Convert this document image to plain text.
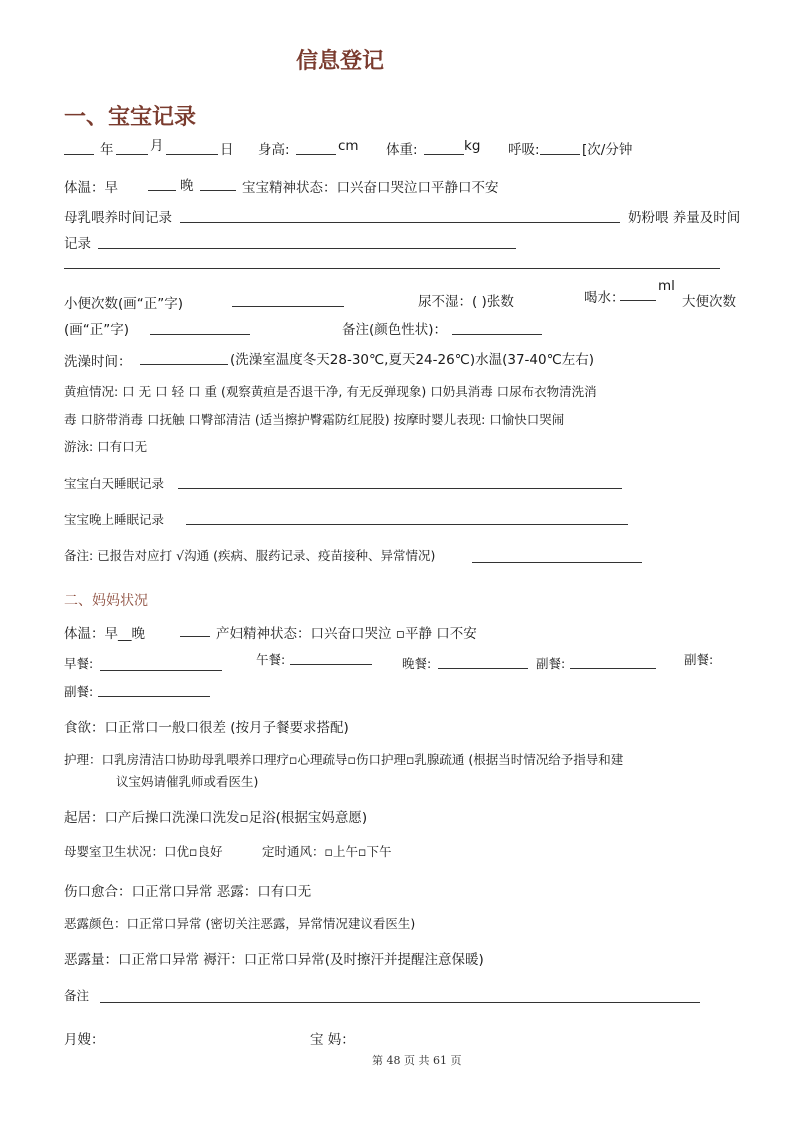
信息登记
一、宝宝记录
年	月	日 身高:	cm 体重:	kg 呼吸:	[次/分钟
体温：早	晚	宝宝精神状态：口兴奋口哭泣口平静口不安
母乳喂养时间记录	奶粉喂 养量及时间
记录
小便次数(画“正”字)	尿不湿：( )张数	喝水：
ml
大便次数
(画“正”字)	备注(颜色性状)：
洗澡时间：	(洗澡室温度冬天28-30℃,夏天24-26℃)水温(37-40℃左右)
黄疸情况: 口 无 口 轻 口 重 (观察黄疸是否退干净, 有无反弹现象) 口奶具消毒 口尿布衣物清洗消
毒 口脐带消毒 口抚触 口臀部清洁 (适当擦护臀霜防红屁股) 按摩时婴儿表现: 口愉快口哭闹
游泳: 口有口无
宝宝白天睡眠记录
宝宝晚上睡眠记录
备注: 已报告对应打 √沟通 (疾病、服药记录、疫苗接种、异常情况)
二、妈妈状况
体温：早__晚	产妇精神状态：口兴奋口哭泣 ▫平静 口不安
早餐:	午餐:	晚餐:	副餐:	副餐:
副餐:
食欲：口正常口一般口很差 (按月子餐要求搭配)
护理：口乳房清洁口协助母乳喂养口理疗▫心理疏导▫伤口护理▫乳腺疏通 (根据当时情况给予指导和建
议宝妈请催乳师或看医生)
起居：口产后操口洗澡口洗发▫足浴(根据宝妈意愿)
母婴室卫生状况：口优▫良好	定时通风：▫上午▫下午
伤口愈合：口正常口异常 恶露：口有口无
恶露颜色：口正常口异常 (密切关注恶露，异常情况建议看医生)
恶露量：口正常口异常 褥汗：口正常口异常(及时擦汗并提醒注意保暖)
备注
月嫂：	宝 妈：
第 48 页 共 61 页
